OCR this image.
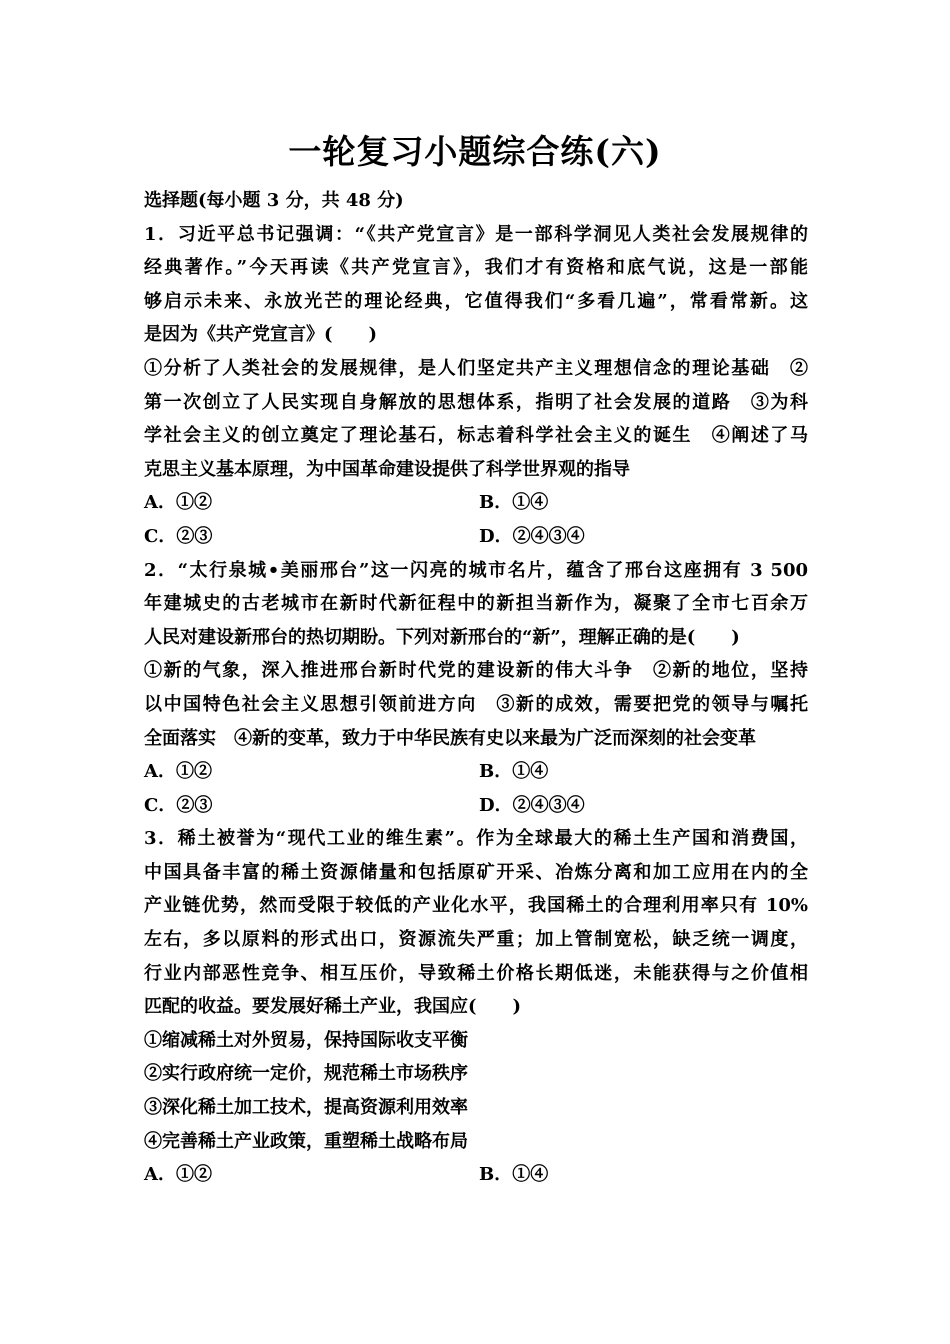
一轮复习小题综合练(六)
选择题(每小题 3 分，共 48 分)
1．习近平总书记强调：“《共产党宣言》是一部科学洞见人类社会发展规律的
经典著作。”今天再读《共产党宣言》，我们才有资格和底气说，这是一部能
够启示未来、永放光芒的理论经典，它值得我们“多看几遍”，常看常新。这
是因为《共产党宣言》(　　)
①分析了人类社会的发展规律，是人们坚定共产主义理想信念的理论基础　②
第一次创立了人民实现自身解放的思想体系，指明了社会发展的道路　③为科
学社会主义的创立奠定了理论基石，标志着科学社会主义的诞生　④阐述了马
克思主义基本原理，为中国革命建设提供了科学世界观的指导
A．①②	B．①④
C．②③	D．②④③④
2．“太行泉城•美丽邢台”这一闪亮的城市名片，蕴含了邢台这座拥有 3 500
年建城史的古老城市在新时代新征程中的新担当新作为，凝聚了全市七百余万
人民对建设新邢台的热切期盼。下列对新邢台的“新”，理解正确的是(　　)
①新的气象，深入推进邢台新时代党的建设新的伟大斗争　②新的地位，坚持
以中国特色社会主义思想引领前进方向　③新的成效，需要把党的领导与嘱托
全面落实　④新的变革，致力于中华民族有史以来最为广泛而深刻的社会变革
A．①②	B．①④
C．②③	D．②④③④
3．稀土被誉为“现代工业的维生素”。作为全球最大的稀土生产国和消费国，
中国具备丰富的稀土资源储量和包括原矿开采、冶炼分离和加工应用在内的全
产业链优势，然而受限于较低的产业化水平，我国稀土的合理利用率只有 10%
左右，多以原料的形式出口，资源流失严重；加上管制宽松，缺乏统一调度，
行业内部恶性竞争、相互压价，导致稀土价格长期低迷，未能获得与之价值相
匹配的收益。要发展好稀土产业，我国应(　　)
①缩减稀土对外贸易，保持国际收支平衡
②实行政府统一定价，规范稀土市场秩序
③深化稀土加工技术，提高资源利用效率
④完善稀土产业政策，重塑稀土战略布局
A．①②	B．①④
